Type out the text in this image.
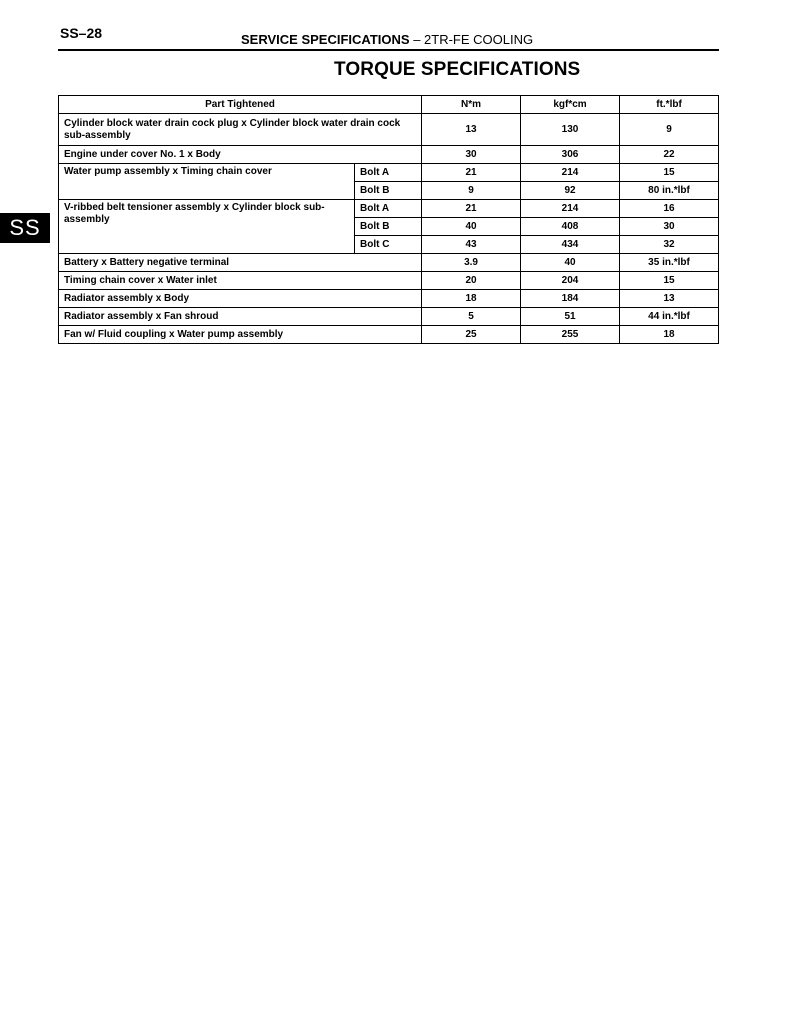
SS–28	SERVICE SPECIFICATIONS – 2TR-FE COOLING
TORQUE SPECIFICATIONS
SS
Part Tightened		N*m	kgf*cm	ft.*lbf
Cylinder block water drain cock plug x Cylinder block water drain cock sub-assembly		13	130	9
Engine under cover No. 1 x Body		30	306	22
Water pump assembly x Timing chain cover	Bolt A	21	214	15
	Bolt B	9	92	80 in.*lbf
V-ribbed belt tensioner assembly x Cylinder block sub-assembly	Bolt A	21	214	16
	Bolt B	40	408	30
	Bolt C	43	434	32
Battery x Battery negative terminal		3.9	40	35 in.*lbf
Timing chain cover x Water inlet		20	204	15
Radiator assembly x Body		18	184	13
Radiator assembly x Fan shroud		5	51	44 in.*lbf
Fan w/ Fluid coupling x Water pump assembly		25	255	18
